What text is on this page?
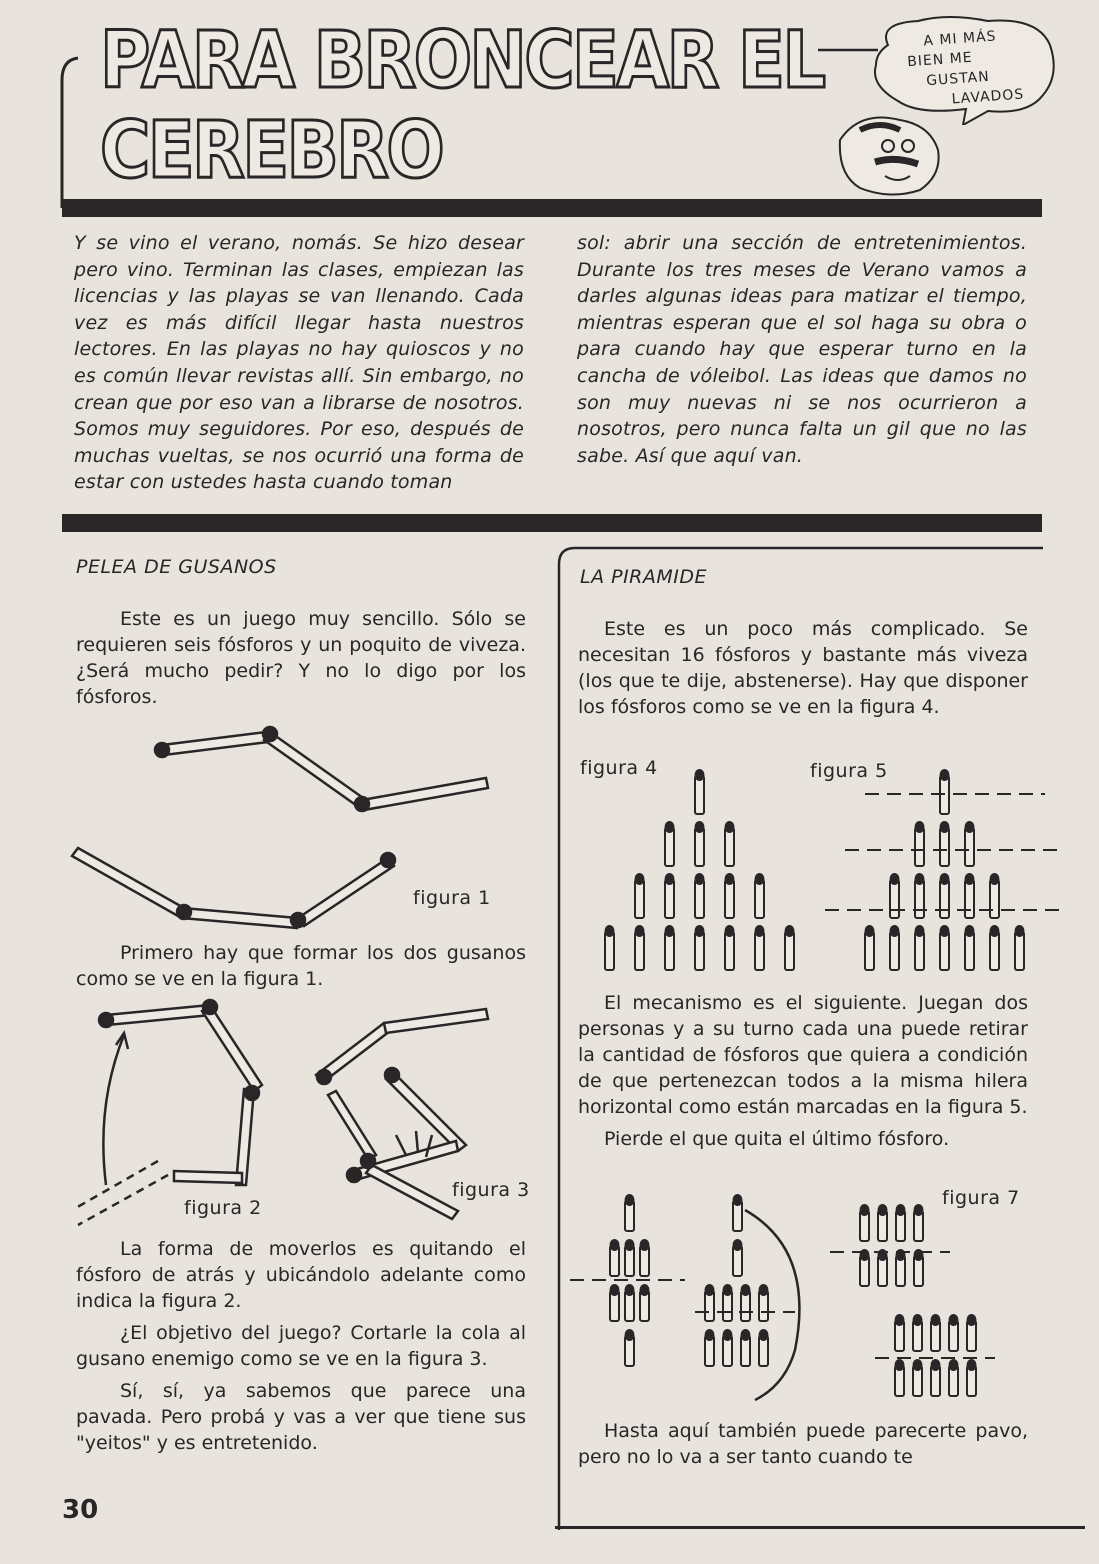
PARA BRONCEAR EL
CEREBRO
A MI MÁS
BIEN ME
GUSTAN
LAVADOS
Y se vino el verano, nomás. Se hizo desear pero vino. Terminan las clases, empiezan las licencias y las playas se van llenando. Cada vez es más difícil llegar hasta nuestros lectores. En las playas no hay quioscos y no es común llevar revistas allí. Sin embargo, no crean que por eso van a librarse de nosotros. Somos muy seguidores. Por eso, después de muchas vueltas, se nos ocurrió una forma de estar con ustedes hasta cuando toman
sol: abrir una sección de entretenimientos. Durante los tres meses de Verano vamos a darles algunas ideas para matizar el tiempo, mientras esperan que el sol haga su obra o para cuando hay que esperar turno en la cancha de vóleibol. Las ideas que damos no son muy nuevas ni se nos ocurrieron a nosotros, pero nunca falta un gil que no las sabe. Así que aquí van.
PELEA DE GUSANOS
Este es un juego muy sencillo. Sólo se requieren seis fósforos y un poquito de viveza. ¿Será mucho pedir? Y no lo digo por los fósforos.
figura 1
Primero hay que formar los dos gusanos como se ve en la figura 1.
figura 2
figura 3
La forma de moverlos es quitando el fósforo de atrás y ubicándolo adelante como indica la figura 2.
¿El objetivo del juego? Cortarle la cola al gusano enemigo como se ve en la figura 3.
Sí, sí, ya sabemos que parece una pavada. Pero probá y vas a ver que tiene sus "yeitos" y es entretenido.
30
LA PIRAMIDE
Este es un poco más complicado. Se necesitan 16 fósforos y bastante más viveza (los que te dije, abstenerse). Hay que disponer los fósforos como se ve en la figura 4.
figura 4	figura 5
El mecanismo es el siguiente. Juegan dos personas y a su turno cada una puede retirar la cantidad de fósforos que quiera a condición de que pertenezcan todos a la misma hilera horizontal como están marcadas en la figura 5.
Pierde el que quita el último fósforo.
figura 7
Hasta aquí también puede parecerte pavo, pero no lo va a ser tanto cuando te
